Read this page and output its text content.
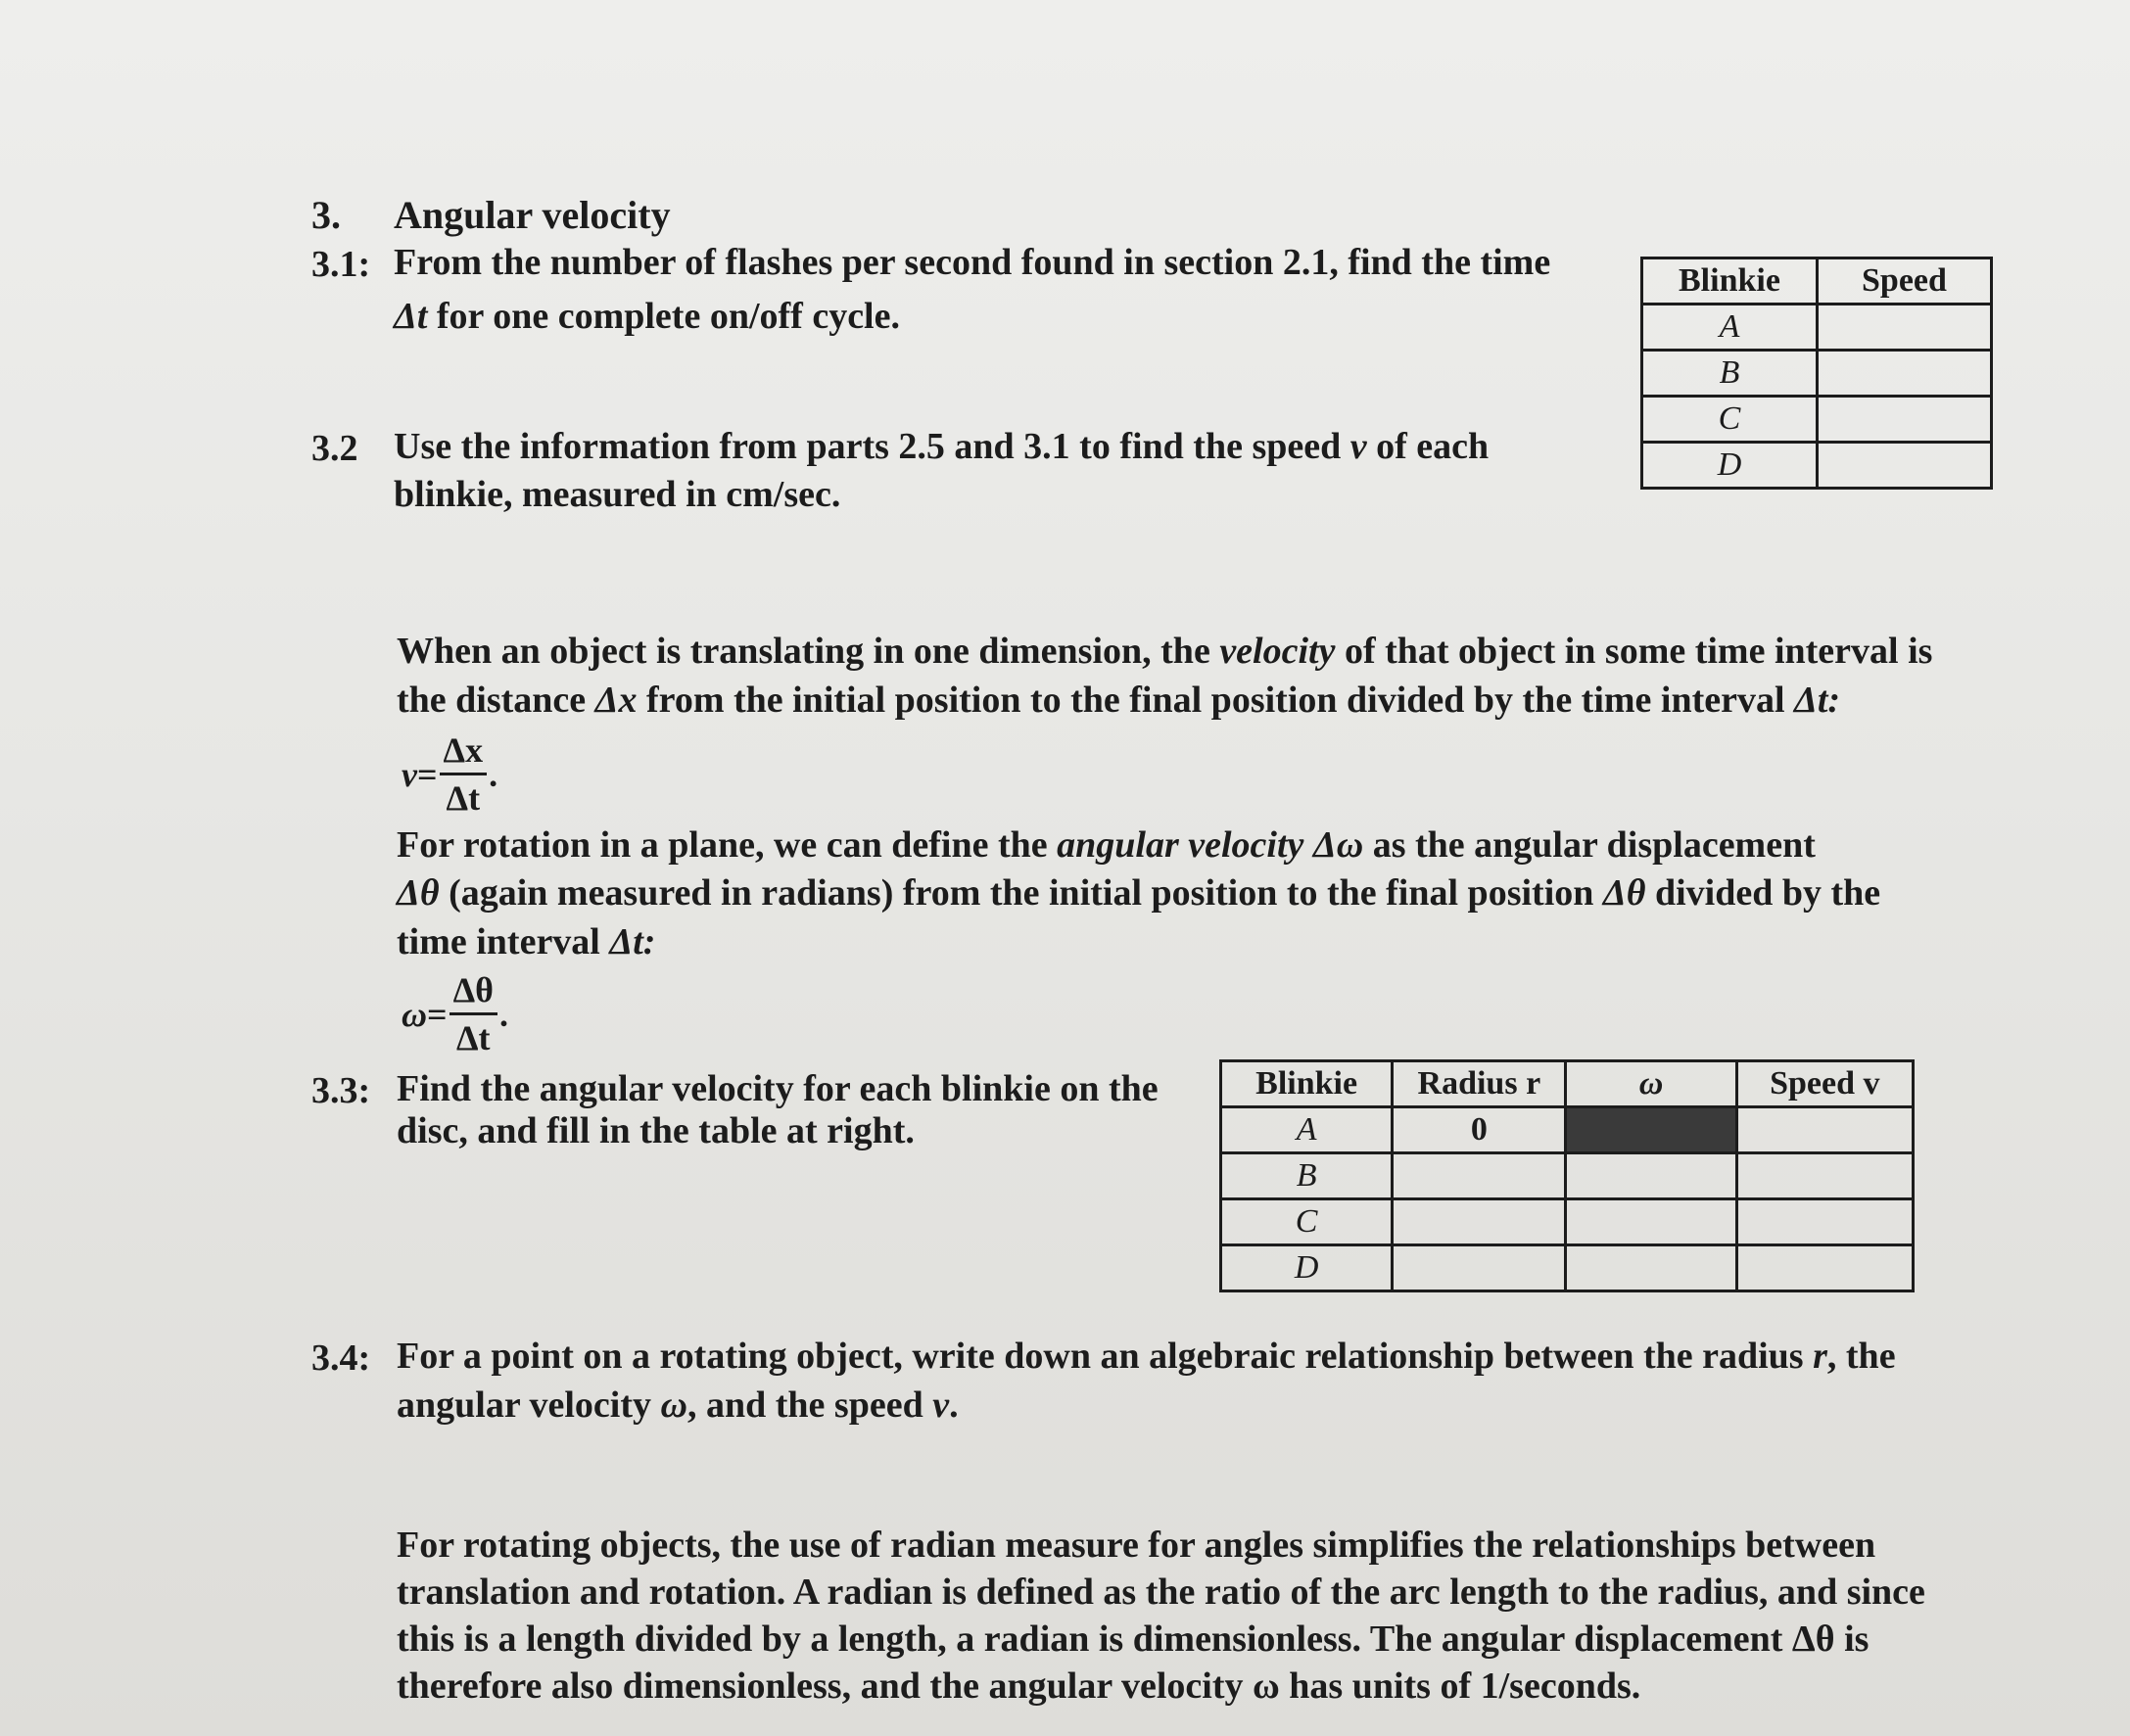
3. Angular velocity
3.1: From the number of flashes per second found in section 2.1, find the time
Δt for one complete on/off cycle.
Blinkie	Speed
A	
B	
C	
D	
3.2 Use the information from parts 2.5 and 3.1 to find the speed v of each
blinkie, measured in cm/sec.
When an object is translating in one dimension, the velocity of that object in some time interval is
the distance Δx from the initial position to the final position divided by the time interval Δt:
$v = \frac{\Delta x}{\Delta t}$ .
For rotation in a plane, we can define the angular velocity Δω as the angular displacement
Δθ (again measured in radians) from the initial position to the final position Δθ divided by the
time interval Δt:
$\omega = \frac{\Delta\theta}{\Delta t}$ .
3.3: Find the angular velocity for each blinkie on the
disc, and fill in the table at right.
Blinkie	Radius r	ω	Speed v
A	0		
B			
C			
D			
3.4: For a point on a rotating object, write down an algebraic relationship between the radius r, the
angular velocity ω, and the speed v.
For rotating objects, the use of radian measure for angles simplifies the relationships between
translation and rotation. A radian is defined as the ratio of the arc length to the radius, and since
this is a length divided by a length, a radian is dimensionless. The angular displacement Δθ is
therefore also dimensionless, and the angular velocity ω has units of 1/seconds.
